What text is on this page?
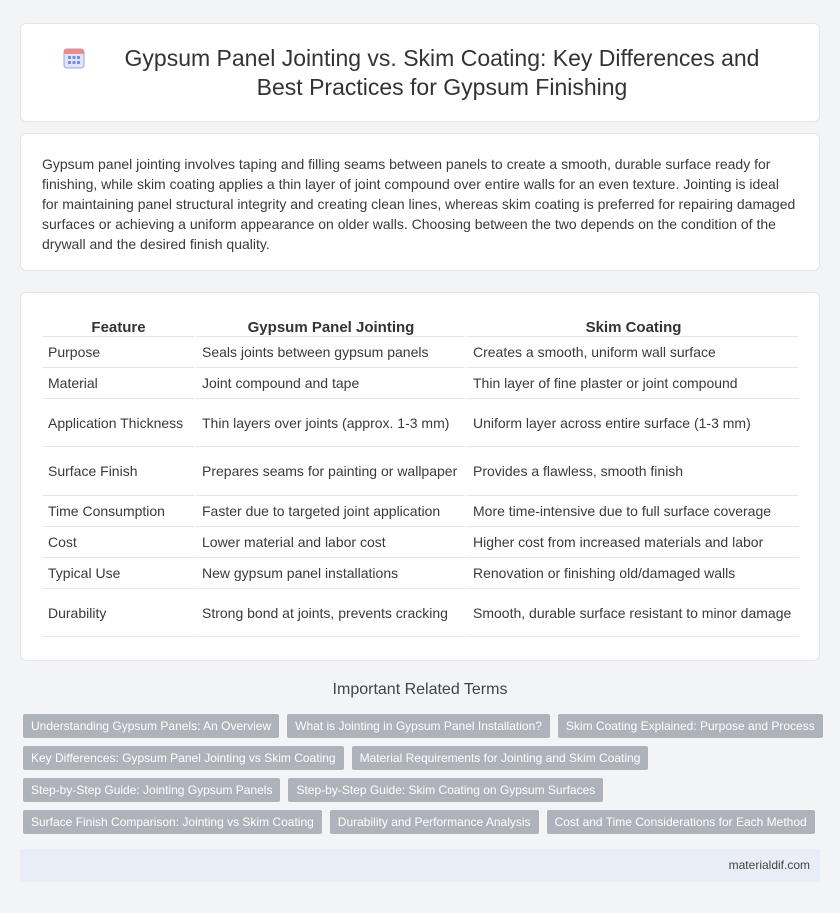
Gypsum Panel Jointing vs. Skim Coating: Key Differences and Best Practices for Gypsum Finishing

Gypsum panel jointing involves taping and filling seams between panels to create a smooth, durable surface ready for finishing, while skim coating applies a thin layer of joint compound over entire walls for an even texture. Jointing is ideal for maintaining panel structural integrity and creating clean lines, whereas skim coating is preferred for repairing damaged surfaces or achieving a uniform appearance on older walls. Choosing between the two depends on the condition of the drywall and the desired finish quality.

Feature	Gypsum Panel Jointing	Skim Coating
Purpose	Seals joints between gypsum panels	Creates a smooth, uniform wall surface
Material	Joint compound and tape	Thin layer of fine plaster or joint compound
Application Thickness	Thin layers over joints (approx. 1-3 mm)	Uniform layer across entire surface (1-3 mm)
Surface Finish	Prepares seams for painting or wallpaper	Provides a flawless, smooth finish
Time Consumption	Faster due to targeted joint application	More time-intensive due to full surface coverage
Cost	Lower material and labor cost	Higher cost from increased materials and labor
Typical Use	New gypsum panel installations	Renovation or finishing old/damaged walls
Durability	Strong bond at joints, prevents cracking	Smooth, durable surface resistant to minor damage
Important Related Terms
Understanding Gypsum Panels: An Overview	What is Jointing in Gypsum Panel Installation?	Skim Coating Explained: Purpose and Process
Key Differences: Gypsum Panel Jointing vs Skim Coating	Material Requirements for Jointing and Skim Coating
Step-by-Step Guide: Jointing Gypsum Panels	Step-by-Step Guide: Skim Coating on Gypsum Surfaces
Surface Finish Comparison: Jointing vs Skim Coating	Durability and Performance Analysis	Cost and Time Considerations for Each Method
materialdif.com
